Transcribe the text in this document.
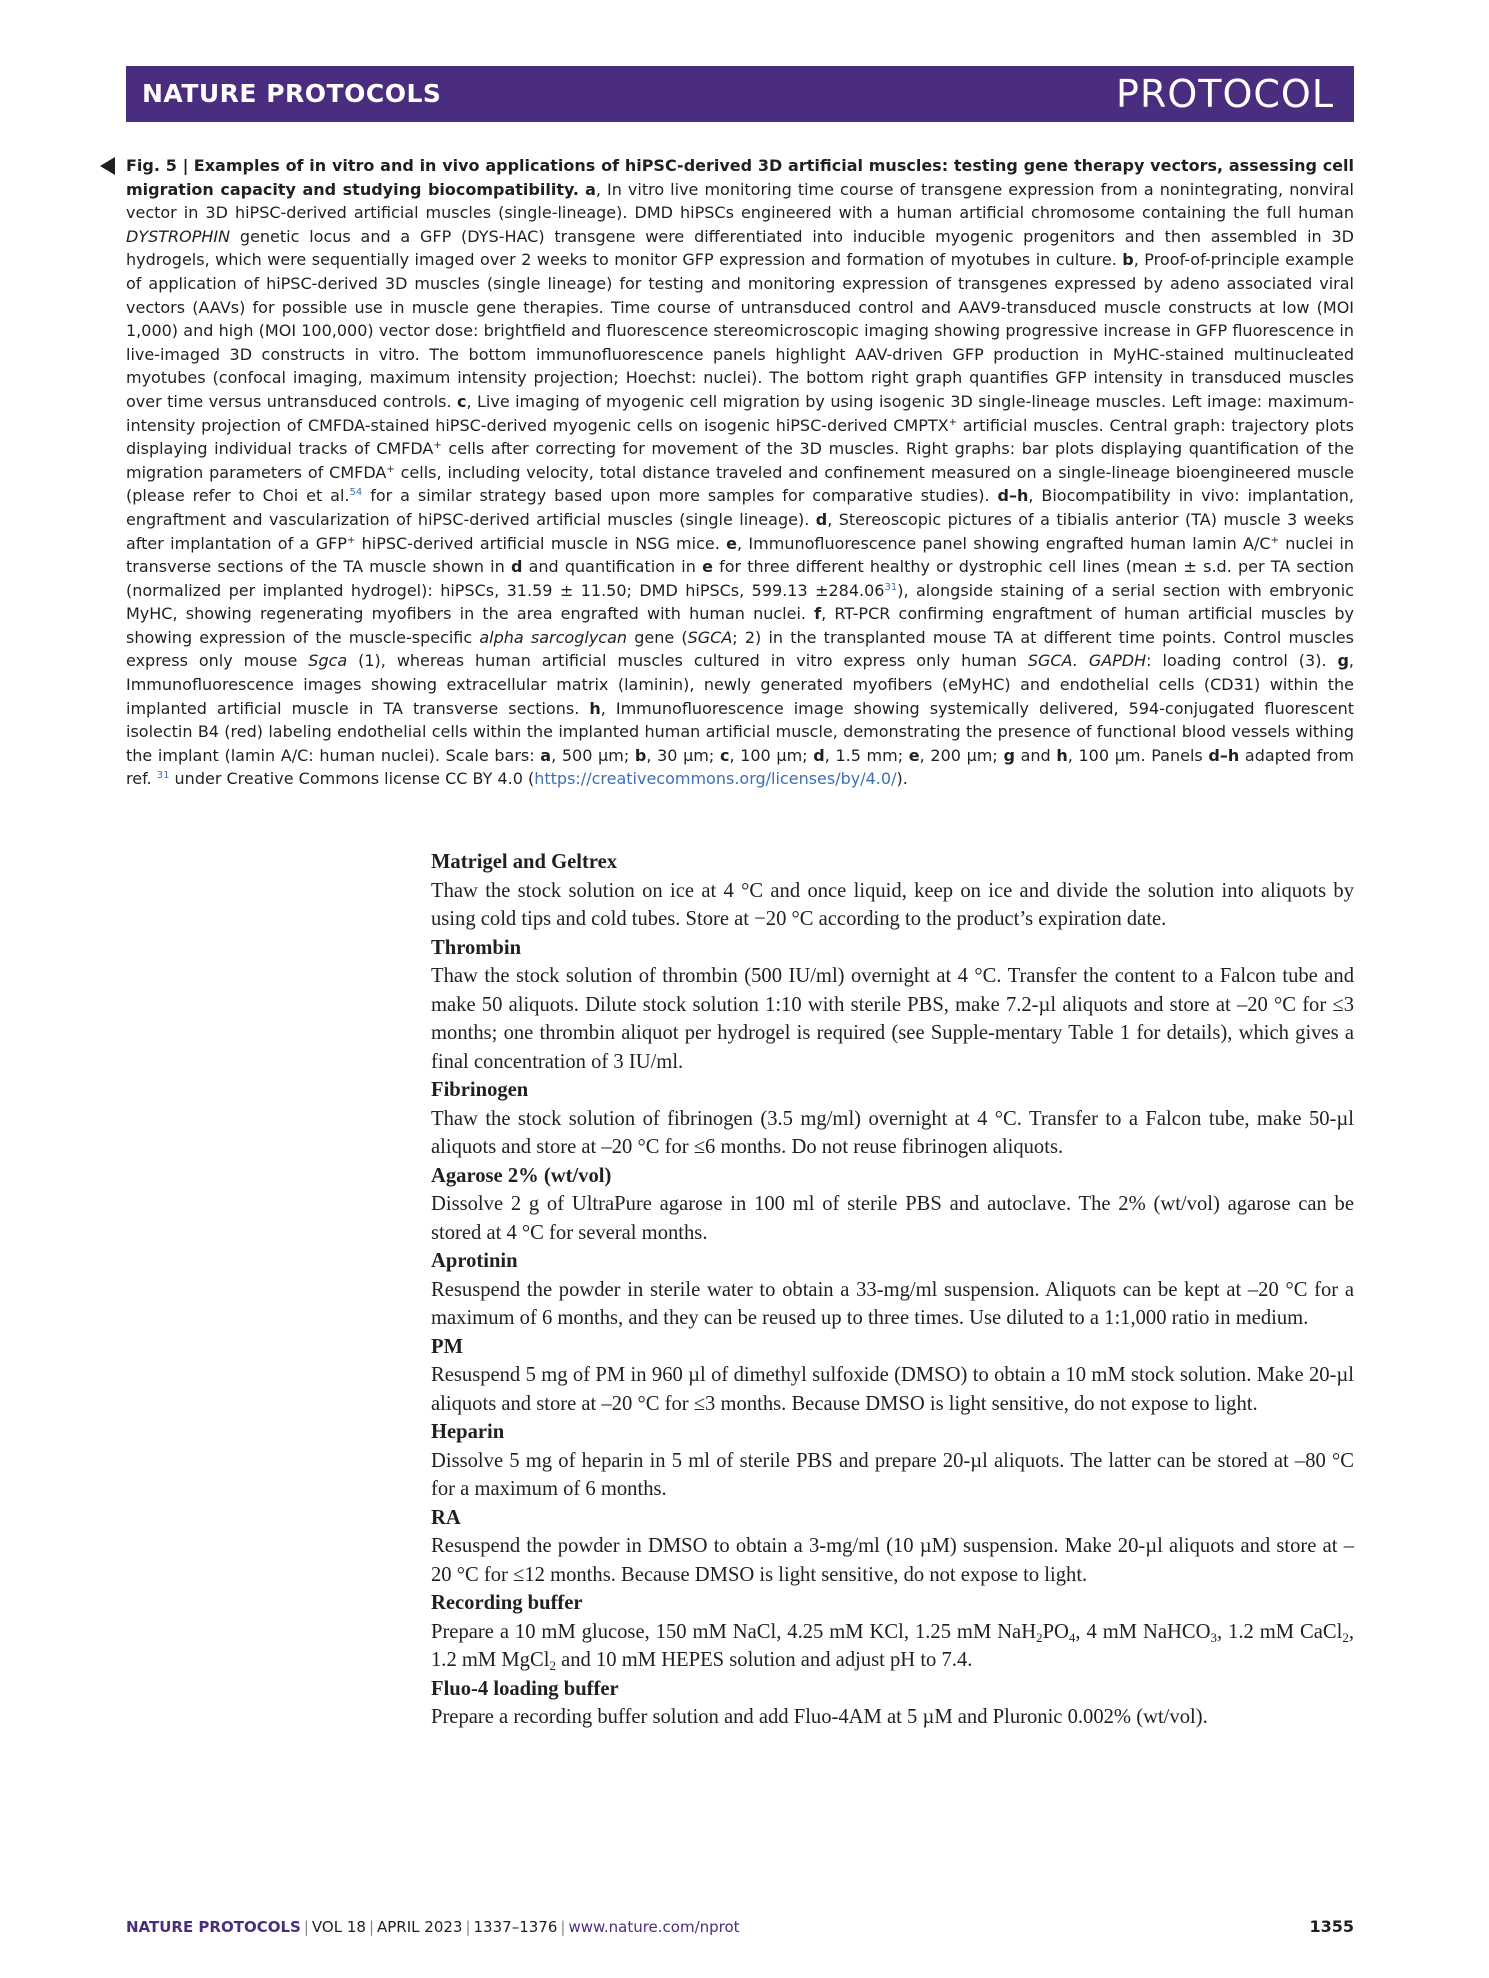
NATURE PROTOCOLS	PROTOCOL
Fig. 5 | Examples of in vitro and in vivo applications of hiPSC-derived 3D artificial muscles: testing gene therapy vectors, assessing cell migration capacity and studying biocompatibility. a, In vitro live monitoring time course of transgene expression from a nonintegrating, nonviral vector in 3D hiPSC-derived artificial muscles (single-lineage). DMD hiPSCs engineered with a human artificial chromosome containing the full human DYSTROPHIN genetic locus and a GFP (DYS-HAC) transgene were differentiated into inducible myogenic progenitors and then assembled in 3D hydrogels, which were sequentially imaged over 2 weeks to monitor GFP expression and formation of myotubes in culture. b, Proof-of-principle example of application of hiPSC-derived 3D muscles (single lineage) for testing and monitoring expression of transgenes expressed by adeno associated viral vectors (AAVs) for possible use in muscle gene therapies. Time course of untransduced control and AAV9-transduced muscle constructs at low (MOI 1,000) and high (MOI 100,000) vector dose: brightfield and fluorescence stereomicroscopic imaging showing progressive increase in GFP fluorescence in live-imaged 3D constructs in vitro. The bottom immunofluorescence panels highlight AAV-driven GFP production in MyHC-stained multinucleated myotubes (confocal imaging, maximum intensity projection; Hoechst: nuclei). The bottom right graph quantifies GFP intensity in transduced muscles over time versus untransduced controls. c, Live imaging of myogenic cell migration by using isogenic 3D single-lineage muscles. Left image: maximum-intensity projection of CMFDA-stained hiPSC-derived myogenic cells on isogenic hiPSC-derived CMPTX+ artificial muscles. Central graph: trajectory plots displaying individual tracks of CMFDA+ cells after correcting for movement of the 3D muscles. Right graphs: bar plots displaying quantification of the migration parameters of CMFDA+ cells, including velocity, total distance traveled and confinement measured on a single-lineage bioengineered muscle (please refer to Choi et al.$^{54}$ for a similar strategy based upon more samples for comparative studies). d–h, Biocompatibility in vivo: implantation, engraftment and vascularization of hiPSC-derived artificial muscles (single lineage). d, Stereoscopic pictures of a tibialis anterior (TA) muscle 3 weeks after implantation of a GFP+ hiPSC-derived artificial muscle in NSG mice. e, Immunofluorescence panel showing engrafted human lamin A/C+ nuclei in transverse sections of the TA muscle shown in d and quantification in e for three different healthy or dystrophic cell lines (mean ± s.d. per TA section (normalized per implanted hydrogel): hiPSCs, 31.59 ± 11.50; DMD hiPSCs, 599.13 ±284.06$^{31}$), alongside staining of a serial section with embryonic MyHC, showing regenerating myofibers in the area engrafted with human nuclei. f, RT-PCR confirming engraftment of human artificial muscles by showing expression of the muscle-specific alpha sarcoglycan gene (SGCA; 2) in the transplanted mouse TA at different time points. Control muscles express only mouse Sgca (1), whereas human artificial muscles cultured in vitro express only human SGCA. GAPDH: loading control (3). g, Immunofluorescence images showing extracellular matrix (laminin), newly generated myofibers (eMyHC) and endothelial cells (CD31) within the implanted artificial muscle in TA transverse sections. h, Immunofluorescence image showing systemically delivered, 594-conjugated fluorescent isolectin B4 (red) labeling endothelial cells within the implanted human artificial muscle, demonstrating the presence of functional blood vessels withing the implant (lamin A/C: human nuclei). Scale bars: a, 500 µm; b, 30 µm; c, 100 µm; d, 1.5 mm; e, 200 µm; g and h, 100 µm. Panels d–h adapted from ref. $^{31}$ under Creative Commons license CC BY 4.0 (https://creativecommons.org/licenses/by/4.0/).
Matrigel and Geltrex

Thaw the stock solution on ice at 4 °C and once liquid, keep on ice and divide the solution into aliquots by using cold tips and cold tubes. Store at −20 °C according to the product’s expiration date.

Thrombin

Thaw the stock solution of thrombin (500 IU/ml) overnight at 4 °C. Transfer the content to a Falcon tube and make 50 aliquots. Dilute stock solution 1:10 with sterile PBS, make 7.2-µl aliquots and store at –20 °C for ≤3 months; one thrombin aliquot per hydrogel is required (see Supple-mentary Table 1 for details), which gives a final concentration of 3 IU/ml.

Fibrinogen

Thaw the stock solution of fibrinogen (3.5 mg/ml) overnight at 4 °C. Transfer to a Falcon tube, make 50-µl aliquots and store at –20 °C for ≤6 months. Do not reuse fibrinogen aliquots.

Agarose 2% (wt/vol)

Dissolve 2 g of UltraPure agarose in 100 ml of sterile PBS and autoclave. The 2% (wt/vol) agarose can be stored at 4 °C for several months.

Aprotinin

Resuspend the powder in sterile water to obtain a 33-mg/ml suspension. Aliquots can be kept at –20 °C for a maximum of 6 months, and they can be reused up to three times. Use diluted to a 1:1,000 ratio in medium.

PM

Resuspend 5 mg of PM in 960 µl of dimethyl sulfoxide (DMSO) to obtain a 10 mM stock solution. Make 20-µl aliquots and store at –20 °C for ≤3 months. Because DMSO is light sensitive, do not expose to light.

Heparin

Dissolve 5 mg of heparin in 5 ml of sterile PBS and prepare 20-µl aliquots. The latter can be stored at –80 °C for a maximum of 6 months.

RA

Resuspend the powder in DMSO to obtain a 3-mg/ml (10 µM) suspension. Make 20-µl aliquots and store at –20 °C for ≤12 months. Because DMSO is light sensitive, do not expose to light.

Recording buffer

Prepare a 10 mM glucose, 150 mM NaCl, 4.25 mM KCl, 1.25 mM $NaH_2PO_4$, 4 mM NaHCO$_3$, 1.2 mM CaCl$_2$, 1.2 mM MgCl$_2$ and 10 mM HEPES solution and adjust pH to 7.4.

Fluo-4 loading buffer

Prepare a recording buffer solution and add Fluo-4AM at 5 µM and Pluronic 0.002% (wt/vol).

NATURE PROTOCOLS | VOL 18 | APRIL 2023 | 1337–1376 | www.nature.com/nprot	1355
